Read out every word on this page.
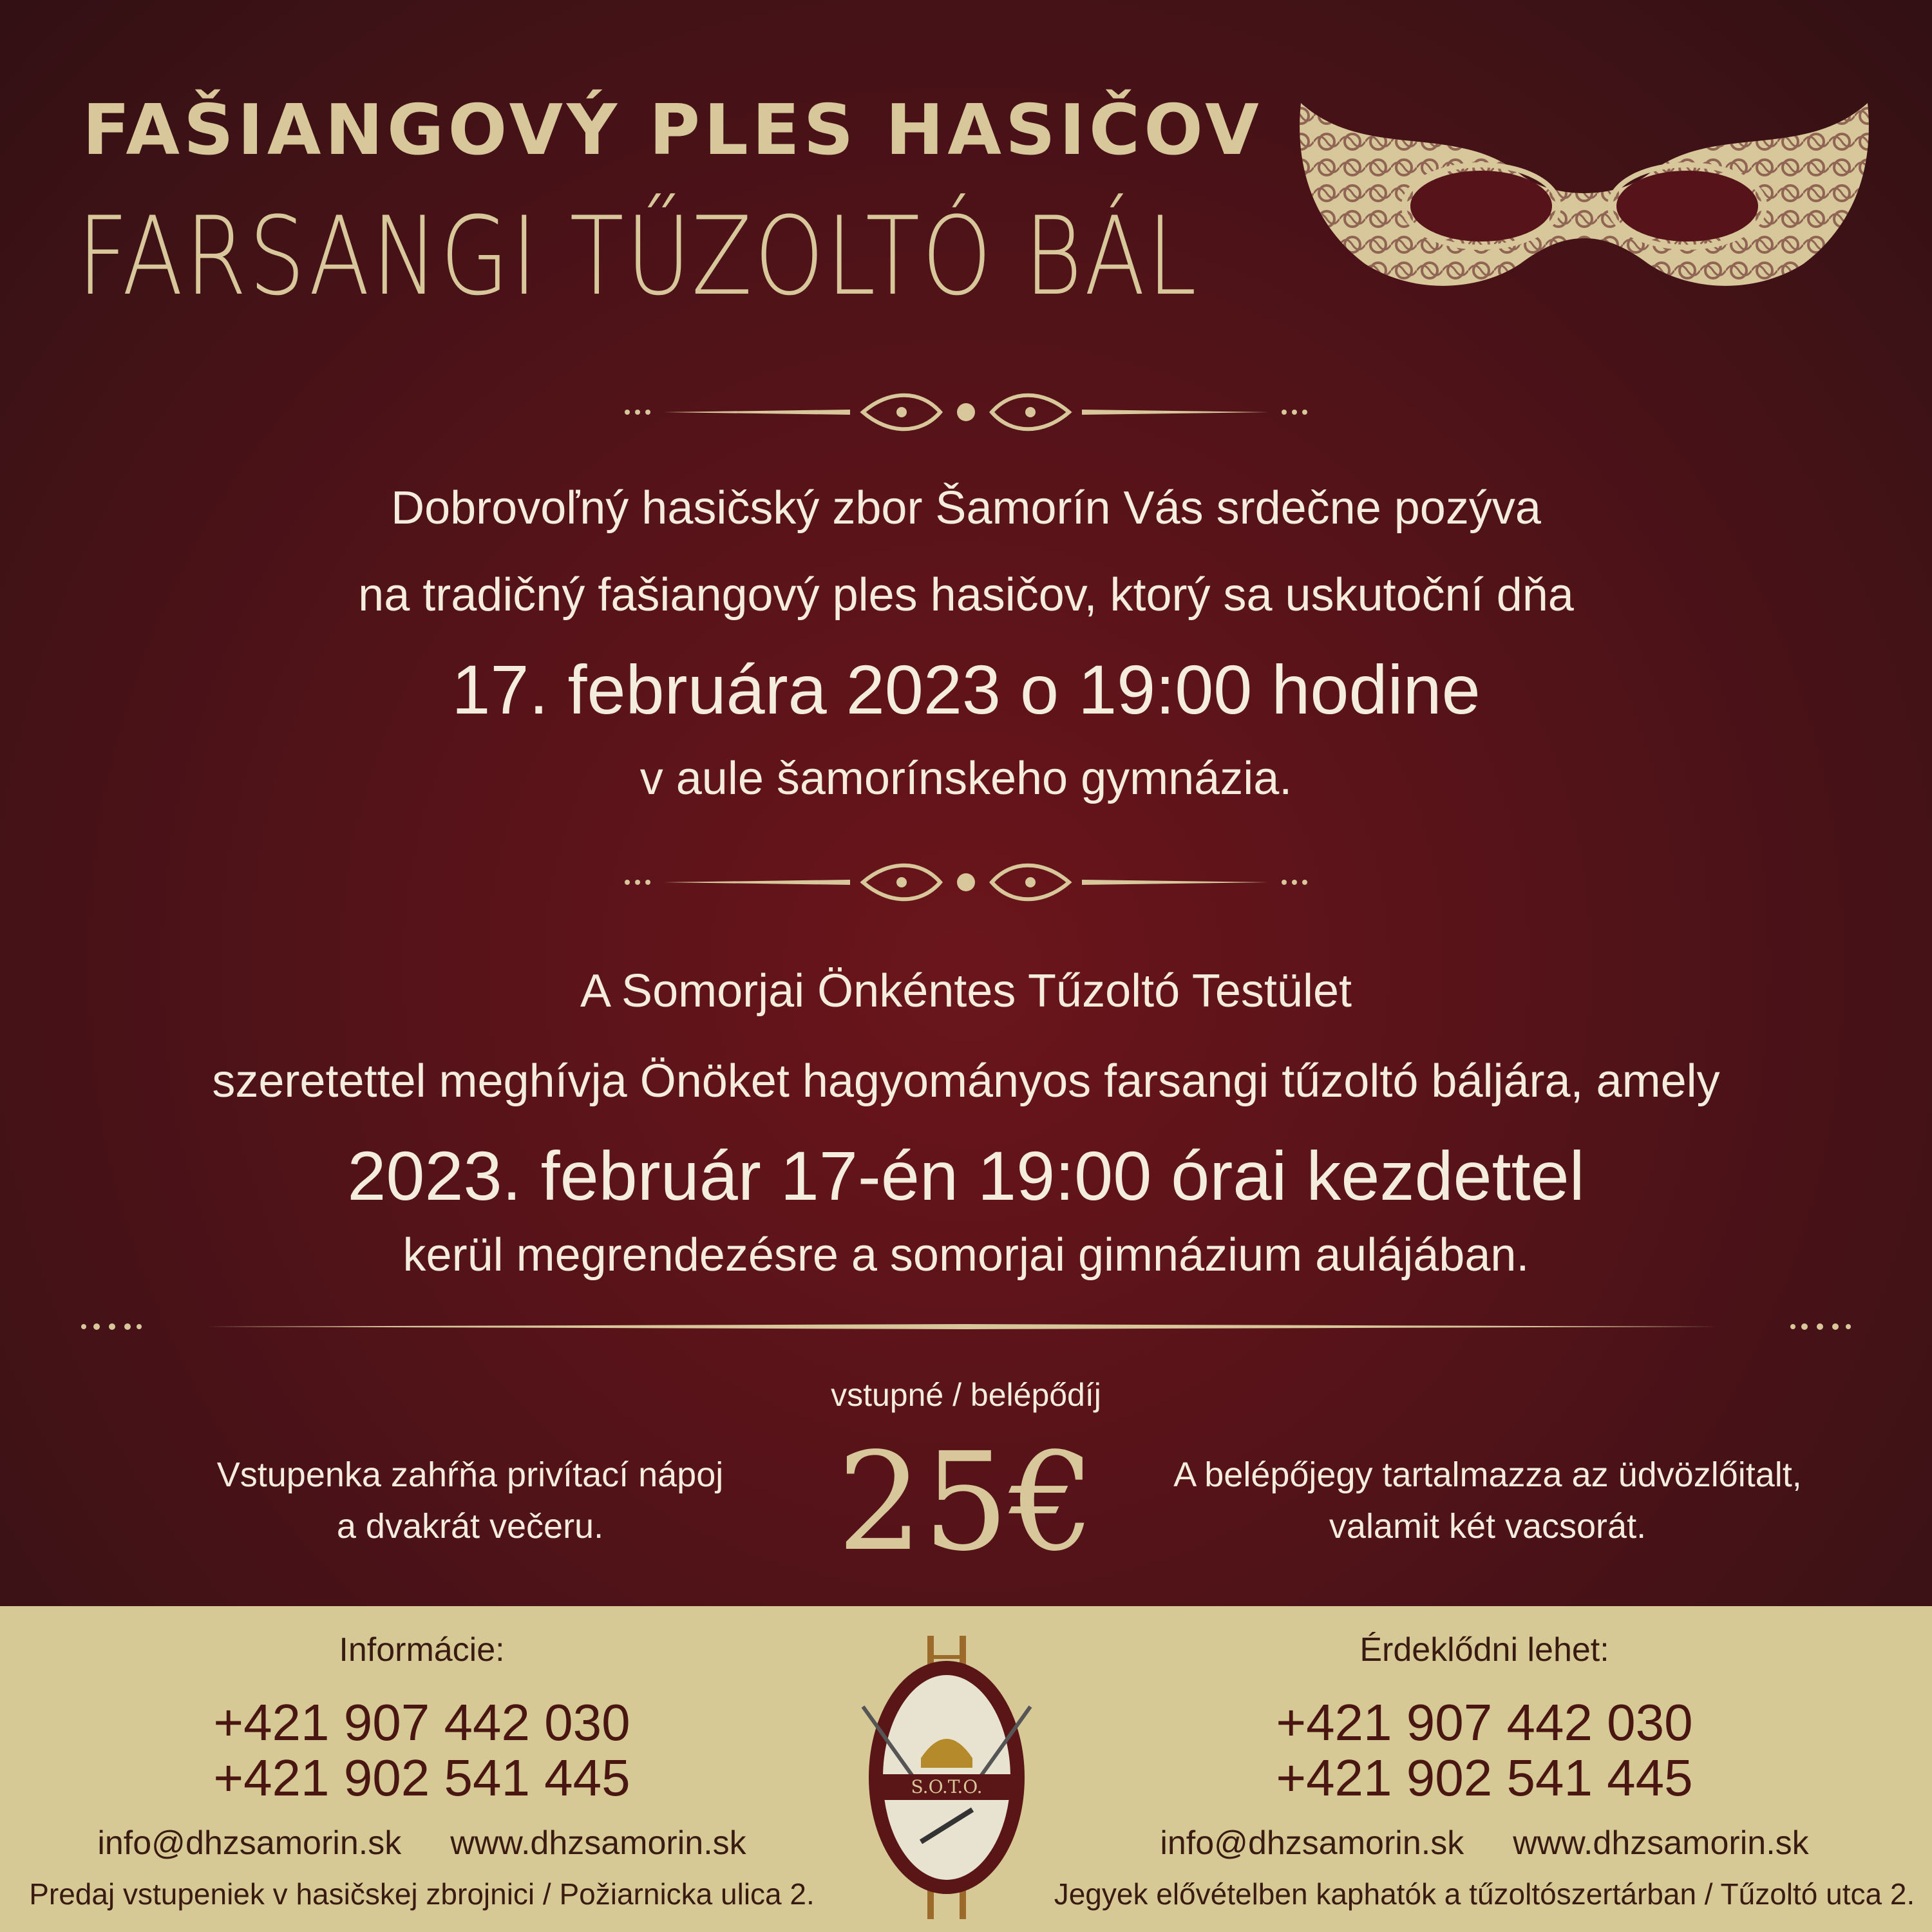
FAŠIANGOVÝ PLES HASIČOV
FARSANGI TŰZOLTÓ BÁL
Dobrovoľný hasičský zbor Šamorín Vás srdečne pozýva
na tradičný fašiangový ples hasičov, ktorý sa uskutoční dňa
17. februára 2023 o 19:00 hodine
v aule šamorínskeho gymnázia.
A Somorjai Önkéntes Tűzoltó Testület
szeretettel meghívja Önöket hagyományos farsangi tűzoltó báljára, amely
2023. február 17-én 19:00 órai kezdettel
kerül megrendezésre a somorjai gimnázium aulájában.
vstupné / belépődíj
25€
Vstupenka zahŕňa privítací nápoj
a dvakrát večeru.
A belépőjegy tartalmazza az üdvözlőitalt,
valamit két vacsorát.
Informácie:
+421 907 442 030
+421 902 541 445
info@dhzsamorin.sk www.dhzsamorin.sk
Predaj vstupeniek v hasičskej zbrojnici / Požiarnicka ulica 2.
S.O.T.O.
Érdeklődni lehet:
+421 907 442 030
+421 902 541 445
info@dhzsamorin.sk www.dhzsamorin.sk
Jegyek elővételben kaphatók a tűzoltószertárban / Tűzoltó utca 2.
